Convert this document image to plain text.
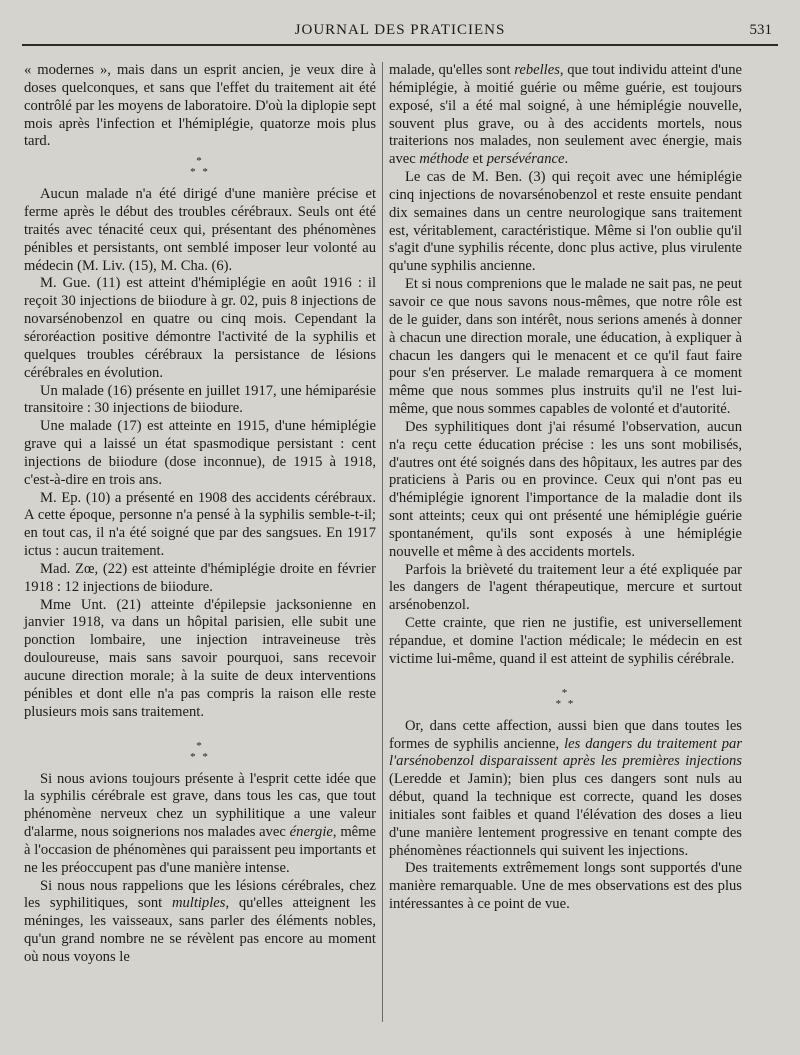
JOURNAL DES PRATICIENS	531

« modernes », mais dans un esprit ancien, je veux dire à doses quelconques, et sans que l'effet du traitement ait été contrôlé par les moyens de laboratoire. D'où la diplopie sept mois après l'infection et l'hémiplégie, quatorze mois plus tard.

*
* *

Aucun malade n'a été dirigé d'une manière précise et ferme après le début des troubles cérébraux. Seuls ont été traités avec ténacité ceux qui, présentant des phénomènes pénibles et persistants, ont semblé imposer leur volonté au médecin (M. Liv. (15), M. Cha. (6).

M. Gue. (11) est atteint d'hémiplégie en août 1916 : il reçoit 30 injections de biiodure à gr. 02, puis 8 injections de novarsénobenzol en quatre ou cinq mois. Cependant la séroréaction positive démontre l'activité de la syphilis et quelques troubles cérébraux la persistance de lésions cérébrales en évolution.

Un malade (16) présente en juillet 1917, une hémiparésie transitoire : 30 injections de biiodure.

Une malade (17) est atteinte en 1915, d'une hémiplégie grave qui a laissé un état spasmodique persistant : cent injections de biiodure (dose inconnue), de 1915 à 1918, c'est-à-dire en trois ans.

M. Ep. (10) a présenté en 1908 des accidents cérébraux. A cette époque, personne n'a pensé à la syphilis semble-t-il; en tout cas, il n'a été soigné que par des sangsues. En 1917 ictus : aucun traitement.

Mad. Zœ, (22) est atteinte d'hémiplégie droite en février 1918 : 12 injections de biiodure.

Mme Unt. (21) atteinte d'épilepsie jacksonienne en janvier 1918, va dans un hôpital parisien, elle subit une ponction lombaire, une injection intraveineuse très douloureuse, mais sans savoir pourquoi, sans recevoir aucune direction morale; à la suite de deux interventions pénibles et dont elle n'a pas compris la raison elle reste plusieurs mois sans traitement.

*
* *

Si nous avions toujours présente à l'esprit cette idée que la syphilis cérébrale est grave, dans tous les cas, que tout phénomène nerveux chez un syphilitique a une valeur d'alarme, nous soignerions nos malades avec énergie, même à l'occasion de phénomènes qui paraissent peu importants et ne les préoccupent pas d'une manière intense.

Si nous nous rappelions que les lésions cérébrales, chez les syphilitiques, sont multiples, qu'elles atteignent les méninges, les vaisseaux, sans parler des éléments nobles, qu'un grand nombre ne se révèlent pas encore au moment où nous voyons le

malade, qu'elles sont rebelles, que tout individu atteint d'une hémiplégie, à moitié guérie ou même guérie, est toujours exposé, s'il a été mal soigné, à une hémiplégie nouvelle, souvent plus grave, ou à des accidents mortels, nous traiterions nos malades, non seulement avec énergie, mais avec méthode et persévérance.

Le cas de M. Ben. (3) qui reçoit avec une hémiplégie cinq injections de novarsénobenzol et reste ensuite pendant dix semaines dans un centre neurologique sans traitement est, véritablement, caractéristique. Même si l'on oublie qu'il s'agit d'une syphilis récente, donc plus active, plus virulente qu'une syphilis ancienne.

Et si nous comprenions que le malade ne sait pas, ne peut savoir ce que nous savons nous-mêmes, que notre rôle est de le guider, dans son intérêt, nous serions amenés à donner à chacun une direction morale, une éducation, à expliquer à chacun les dangers qui le menacent et ce qu'il faut faire pour s'en préserver. Le malade remarquera à ce moment même que nous sommes plus instruits qu'il ne l'est lui-même, que nous sommes capables de volonté et d'autorité.

Des syphilitiques dont j'ai résumé l'observation, aucun n'a reçu cette éducation précise : les uns sont mobilisés, d'autres ont été soignés dans des hôpitaux, les autres par des praticiens à Paris ou en province. Ceux qui n'ont pas eu d'hémiplégie ignorent l'importance de la maladie dont ils sont atteints; ceux qui ont présenté une hémiplégie guérie spontanément, qu'ils sont exposés à une hémiplégie nouvelle et même à des accidents mortels.

Parfois la brièveté du traitement leur a été expliquée par les dangers de l'agent thérapeutique, mercure et surtout arsénobenzol.

Cette crainte, que rien ne justifie, est universellement répandue, et domine l'action médicale; le médecin en est victime lui-même, quand il est atteint de syphilis cérébrale.

*
* *

Or, dans cette affection, aussi bien que dans toutes les formes de syphilis ancienne, les dangers du traitement par l'arsénobenzol disparaissent après les premières injections (Leredde et Jamin); bien plus ces dangers sont nuls au début, quand la technique est correcte, quand les doses initiales sont faibles et quand l'élévation des doses a lieu d'une manière lentement progressive en tenant compte des phénomènes réactionnels qui suivent les injections.

Des traitements extrêmement longs sont supportés d'une manière remarquable. Une de mes observations est des plus intéressantes à ce point de vue.
